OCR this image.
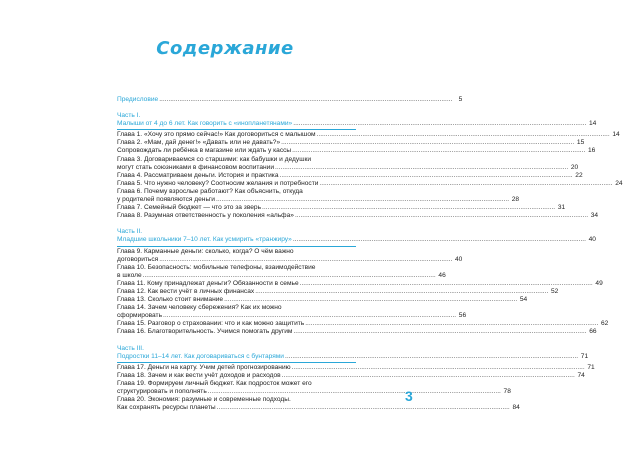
Содержание
Предисловие .....	5
Часть I.
Малыши от 4 до 6 лет. Как говорить с «инопланетянами» .....	14
Глава 1. «Хочу это прямо сейчас!» Как договориться с малышом .....	14
Глава 2. «Мам, дай денег!» «Давать или не давать?» .....	15
Сопровождать ли ребёнка в магазине или ждать у кассы .....	16
Глава 3. Договариваемся со старшими: как бабушки и дедушки
могут стать союзниками в финансовом воспитании .....	20
Глава 4. Рассматриваем деньги. История и практика .....	22
Глава 5. Что нужно человеку? Соотносим желания и потребности .....	24
Глава 6. Почему взрослые работают? Как объяснить, откуда
у родителей появляются деньги .....	28
Глава 7. Семейный бюджет — что это за зверь .....	31
Глава 8. Разумная ответственность у поколения «альфа» .....	34
Часть II.
Младшие школьники 7–10 лет. Как усмирить «транжиру» .....	40
Глава 9. Карманные деньги: сколько, когда? О чём важно
договориться .....	40
Глава 10. Безопасность: мобильные телефоны, взаимодействие
в школе .....	46
Глава 11. Кому принадлежат деньги? Обязанности в семье .....	49
Глава 12. Как вести учёт в личных финансах .....	52
Глава 13. Сколько стоит внимание .....	54
Глава 14. Зачем человеку сбережения? Как их можно
сформировать .....	56
Глава 15. Разговор о страховании: что и как можно защитить .....	62
Глава 16. Благотворительность. Учимся помогать другим .....	66
Часть III.
Подростки 11–14 лет. Как договариваться с бунтарями .....	71
Глава 17. Деньги на карту. Учим детей прогнозированию .....	71
Глава 18. Зачем и как вести учёт доходов и расходов .....	74
Глава 19. Формируем личный бюджет. Как подросток может его
структурировать и пополнять .....	78
Глава 20. Экономия: разумные и современные подходы.
Как сохранять ресурсы планеты .....	84
3
